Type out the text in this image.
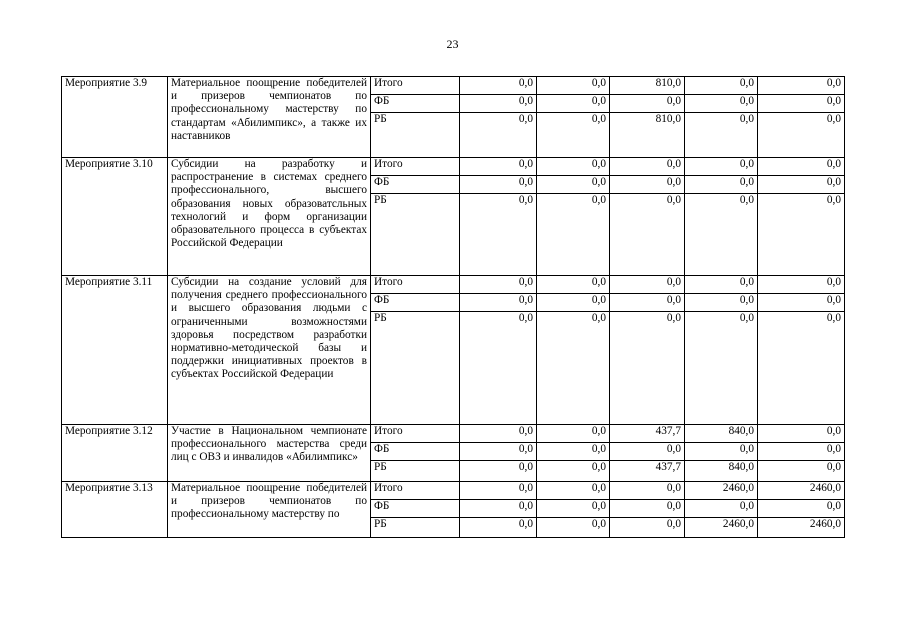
23
Мероприятие 3.9	Материальное поощрение победителей и призеров чемпионатов по профессиональному мастерству по стандартам «Абилимпикс», а также их наставников	Итого	0,0	0,0	810,0	0,0	0,0
		ФБ	0,0	0,0	0,0	0,0	0,0
		РБ	0,0	0,0	810,0	0,0	0,0
Мероприятие 3.10	Субсидии на разработку и распространение в системах среднего профессионального, высшего образования новых образоватсльных технологий и форм организации образовательного процесса в субъектах Российской Федерации	Итого	0,0	0,0	0,0	0,0	0,0
		ФБ	0,0	0,0	0,0	0,0	0,0
		РБ	0,0	0,0	0,0	0,0	0,0
Мероприятие 3.11	Субсидии на создание условий для получения среднего профессионального и высшего образования людьми с ограниченными возможностями здоровья посредством разработки нормативно-методической базы и поддержки инициативных проектов в субъектах Российской Федерации	Итого	0,0	0,0	0,0	0,0	0,0
		ФБ	0,0	0,0	0,0	0,0	0,0
		РБ	0,0	0,0	0,0	0,0	0,0
Мероприятие 3.12	Участие в Национальном чемпионате профессионального мастерства среди лиц с ОВЗ и инвалидов «Абилимпикс»	Итого	0,0	0,0	437,7	840,0	0,0
		ФБ	0,0	0,0	0,0	0,0	0,0
		РБ	0,0	0,0	437,7	840,0	0,0
Мероприятие 3.13	Материальное поощрение победителей и призеров чемпионатов по профессиональному мастерству по	Итого	0,0	0,0	0,0	2460,0	2460,0
		ФБ	0,0	0,0	0,0	0,0	0,0
		РБ	0,0	0,0	0,0	2460,0	2460,0
